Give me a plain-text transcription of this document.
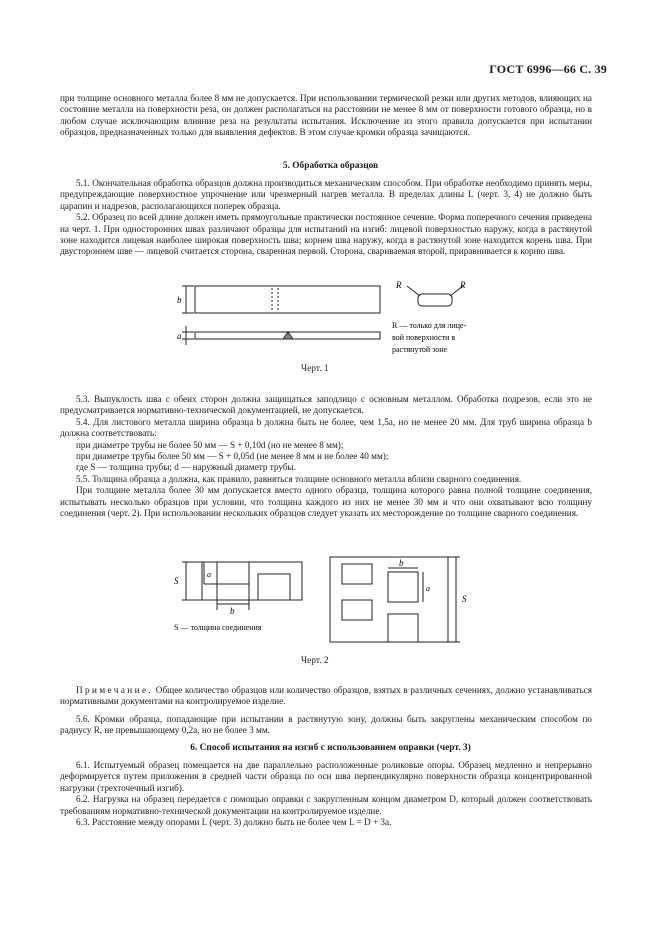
ГОСТ 6996—66 С. 39

при толщине основного металла более 8 мм не допускается. При использовании термической резки или других методов, влияющих на состояние металла на поверхности реза, он должен располагаться на расстоянии не менее 8 мм от поверхности готового образца, но в любом случае исключающим влияние реза на результаты испытания. Исключение из этого правила допускается при испытании образцов, предназначенных только для выявления дефектов. В этом случае кромки образца зачищаются.

5. Обработка образцов

5.1. Окончательная обработка образцов должна производиться механическим способом. При обработке необходимо принять меры, предупреждающие поверхностное упрочнение или чрезмерный нагрев металла. В пределах длины L (черт. 3, 4) не должно быть царапин и надрезов, располагающихся поперек образца.

5.2. Образец по всей длине должен иметь прямоугольные практически постоянное сечение. Форма поперечного сечения приведена на черт. 1. При односторонних швах различают образцы для испытаний на изгиб: лицевой поверхностью наружу, когда в растянутой зоне находится лицевая наиболее широкая поверхность шва; корнем шва наружу, когда в растянутой зоне находится корень шва. При двустороннем шве — лицевой считается сторона, сваренная первой. Сторона, свариваемая второй, приравнивается к корню шва.

b
a
R	R
R — только для лице-
вой поверхности в
растянутой зоне
Черт. 1

5.3. Выпуклость шва с обеих сторон должна защищаться заподлицо с основным металлом. Обработка подрезов, если это не предусматривается нормативно-технической документацией, не допускается.

5.4. Для листового металла ширина образца b должна быть не более, чем 1,5a, но не менее 20 мм. Для труб ширина образца b должна соответствовать:

при диаметре трубы не более 50 мм — S + 0,10d (но не менее 8 мм);

при диаметре трубы более 50 мм — S + 0,05d (не менее 8 мм и не более 40 мм);

где S — толщина трубы; d — наружный диаметр трубы.

5.5. Толщина образца a должна, как правило, равняться толщине основного металла вблизи сварного соединения.

При толщине металла более 30 мм допускается вместо одного образца, толщина которого равна полной толщине соединения, испытывать несколько образцов при условии, что толщина каждого из них не менее 30 мм и что они охватывают всю толщину соединения (черт. 2). При использовании нескольких образцов следует указать их месторождение по толщине сварного соединения.

S
a
b
b
a
S
S — толщина соединения
Черт. 2

Примечание. Общее количество образцов или количество образцов, взятых в различных сечениях, должно устанавливаться нормативными документами на контролируемое изделие.

5.6. Кромки образца, попадающие при испытании в растянутую зону, должны быть закруглены механическим способом по радиусу R, не превышающему 0,2a, но не более 3 мм.

6. Способ испытания на изгиб с использованием оправки (черт. 3)

6.1. Испытуемый образец помещается на две параллельно расположенные роликовые опоры. Образец медленно и непрерывно деформируется путем приложения в средней части образца по оси шва перпендикулярно поверхности образца концентрированной нагрузки (трехточечный изгиб).

6.2. Нагрузка на образец передается с помощью оправки с закругленным концом диаметром D, который должен соответствовать требованиям нормативно-технической документации на контролируемое изделие.

6.3. Расстояние между опорами L (черт. 3) должно быть не более чем L = D + 3a.
